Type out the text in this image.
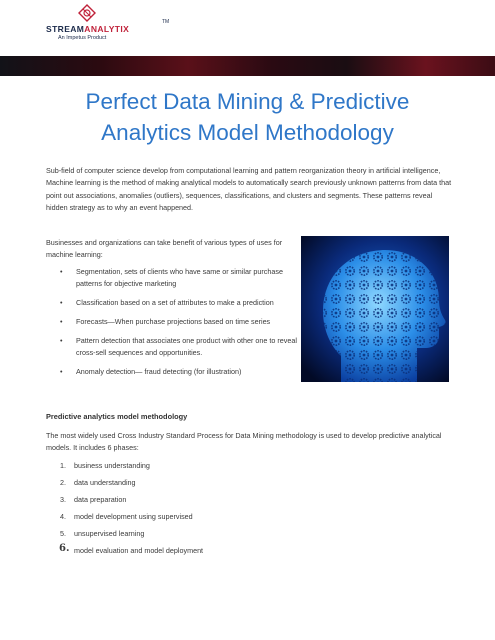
STREAMANALYTIX
TM
An Impetus Product
Perfect Data Mining & Predictive
Analytics Model Methodology

Sub-field of computer science develop from computational learning and pattern reorganization theory in artificial intelligence, Machine learning is the method of making analytical models to automatically search previously unknown patterns from data that point out associations, anomalies (outliers), sequences, classifications, and clusters and segments. These patterns reveal hidden strategy as to why an event happened.

Businesses and organizations can take benefit of various types of uses for machine learning:

• Segmentation, sets of clients who have same or similar purchase patterns for objective marketing
• Classification based on a set of attributes to make a prediction
• Forecasts—When purchase projections based on time series
• Pattern detection that associates one product with other one to reveal cross-sell sequences and opportunities.
• Anomaly detection— fraud detecting (for illustration)
Predictive analytics model methodology

The most widely used Cross Industry Standard Process for Data Mining methodology is used to develop predictive analytical models. It includes 6 phases:

1. business understanding
2. data understanding
3. data preparation
4. model development using supervised
5. unsupervised learning
6. model evaluation and model deployment
